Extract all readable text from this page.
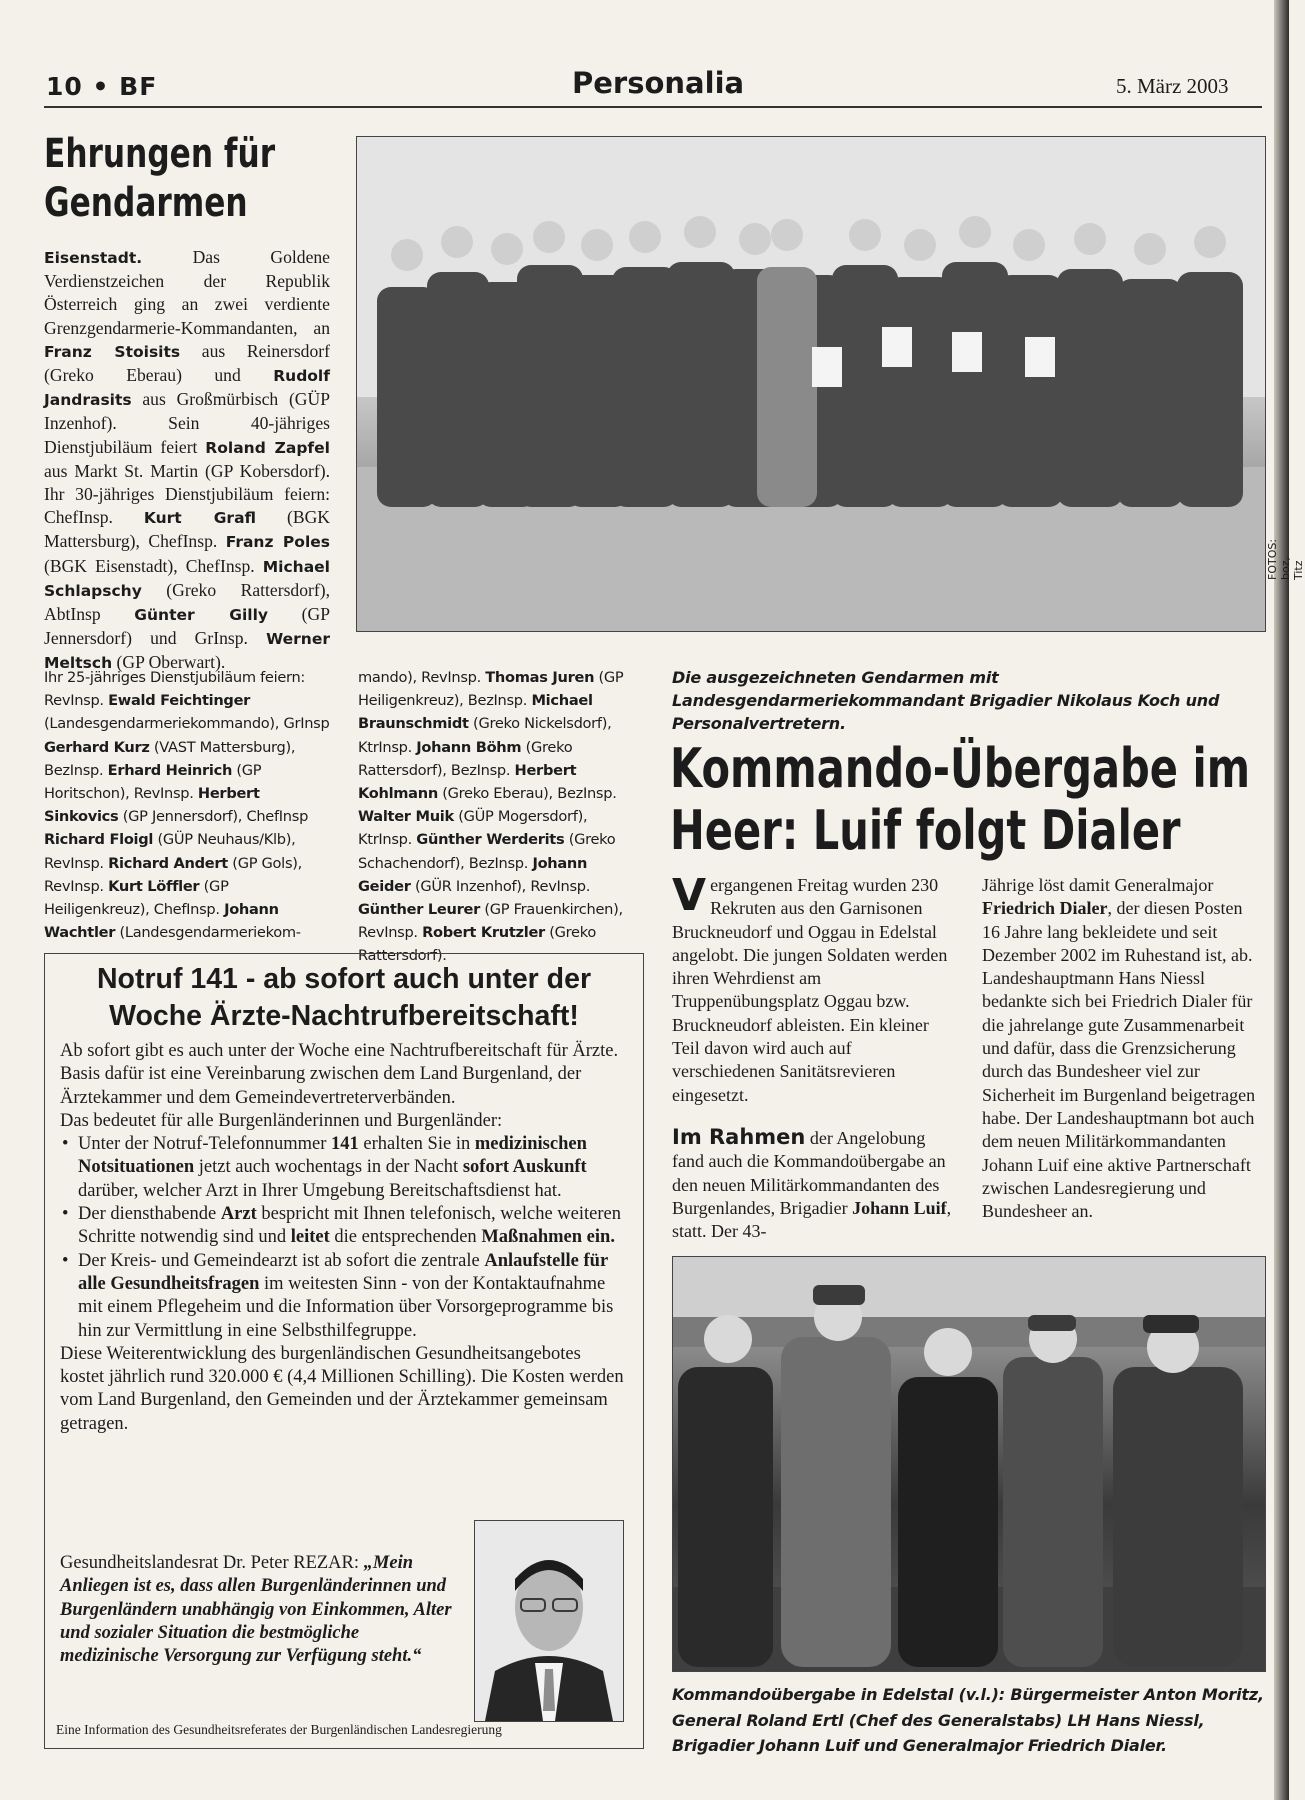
10 • BF	Personalia	5. März 2003
Ehrungen für
Gendarmen

Eisenstadt. Das Goldene Verdienstzeichen der Republik Österreich ging an zwei verdiente Grenzgendarmerie-Kommandanten, an Franz Stoisits aus Reinersdorf (Greko Eberau) und Rudolf Jandrasits aus Großmürbisch (GÜP Inzenhof). Sein 40-jähriges Dienstjubiläum feiert Roland Zapfel aus Markt St. Martin (GP Kobersdorf). Ihr 30-jähriges Dienstjubiläum feiern: ChefInsp. Kurt Grafl (BGK Mattersburg), ChefInsp. Franz Poles (BGK Eisenstadt), ChefInsp. Michael Schlapschy (Greko Rattersdorf), AbtInsp Günter Gilly (GP Jennersdorf) und GrInsp. Werner Meltsch (GP Oberwart).

Ihr 25-jähriges Dienstjubiläum feiern: RevInsp. Ewald Feichtinger (Landesgendarmeriekommando), GrInsp Gerhard Kurz (VAST Mattersburg), BezInsp. Erhard Heinrich (GP Horitschon), RevInsp. Herbert Sinkovics (GP Jennersdorf), ChefInsp Richard Floigl (GÜP Neuhaus/Klb), RevInsp. Richard Andert (GP Gols), RevInsp. Kurt Löffler (GP Heiligenkreuz), ChefInsp. Johann Wachtler (Landesgendarmeriekom-

mando), RevInsp. Thomas Juren (GP Heiligenkreuz), BezInsp. Michael Braunschmidt (Greko Nickelsdorf), KtrInsp. Johann Böhm (Greko Rattersdorf), BezInsp. Herbert Kohlmann (Greko Eberau), BezInsp. Walter Muik (GÜP Mogersdorf), KtrInsp. Günther Werderits (Greko Schachendorf), BezInsp. Johann Geider (GÜR Inzenhof), RevInsp. Günther Leurer (GP Frauenkirchen), RevInsp. Robert Krutzler (Greko Rattersdorf).

FOTOS: boz, Titz
Die ausgezeichneten Gendarmen mit Landesgendarmeriekommandant Brigadier Nikolaus Koch und Personalvertretern.
Kommando-Übergabe im
Heer: Luif folgt Dialer

Vergangenen Freitag wurden 230 Rekruten aus den Garnisonen Bruckneudorf und Oggau in Edelstal angelobt. Die jungen Soldaten werden ihren Wehrdienst am Truppenübungsplatz Oggau bzw. Bruckneudorf ableisten. Ein kleiner Teil davon wird auch auf verschiedenen Sanitätsrevieren eingesetzt.

Im Rahmen der Angelobung fand auch die Kommandoübergabe an den neuen Militärkommandanten des Burgenlandes, Brigadier Johann Luif, statt. Der 43-

Jährige löst damit Generalmajor Friedrich Dialer, der diesen Posten 16 Jahre lang bekleidete und seit Dezember 2002 im Ruhestand ist, ab. Landeshauptmann Hans Niessl bedankte sich bei Friedrich Dialer für die jahrelange gute Zusammenarbeit und dafür, dass die Grenzsicherung durch das Bundesheer viel zur Sicherheit im Burgenland beigetragen habe. Der Landeshauptmann bot auch dem neuen Militärkommandanten Johann Luif eine aktive Partnerschaft zwischen Landesregierung und Bundesheer an.

Kommandoübergabe in Edelstal (v.l.): Bürgermeister Anton Moritz, General Roland Ertl (Chef des Generalstabs) LH Hans Niessl, Brigadier Johann Luif und Generalmajor Friedrich Dialer.
Notruf 141 - ab sofort auch unter der
Woche Ärzte-Nachtrufbereitschaft!
Ab sofort gibt es auch unter der Woche eine Nachtrufbereitschaft für Ärzte. Basis dafür ist eine Vereinbarung zwischen dem Land Burgenland, der Ärztekammer und dem Gemeindevertreterverbänden.
Das bedeutet für alle Burgenländerinnen und Burgenländer:
• Unter der Notruf-Telefonnummer 141 erhalten Sie in medizinischen Notsituationen jetzt auch wochentags in der Nacht sofort Auskunft darüber, welcher Arzt in Ihrer Umgebung Bereitschaftsdienst hat.
• Der diensthabende Arzt bespricht mit Ihnen telefonisch, welche weiteren Schritte notwendig sind und leitet die entsprechenden Maßnahmen ein.
• Der Kreis- und Gemeindearzt ist ab sofort die zentrale Anlaufstelle für alle Gesundheitsfragen im weitesten Sinn - von der Kontaktaufnahme mit einem Pflegeheim und die Information über Vorsorgeprogramme bis hin zur Vermittlung in eine Selbsthilfegruppe.
Diese Weiterentwicklung des burgenländischen Gesundheitsangebotes kostet jährlich rund 320.000 € (4,4 Millionen Schilling). Die Kosten werden vom Land Burgenland, den Gemeinden und der Ärztekammer gemeinsam getragen.
Gesundheitslandesrat Dr. Peter REZAR: „Mein Anliegen ist es, dass allen Burgenländerinnen und Burgenländern unabhängig von Einkommen, Alter und sozialer Situation die bestmögliche medizinische Versorgung zur Verfügung steht.“
Eine Information des Gesundheitsreferates der Burgenländischen Landesregierung
